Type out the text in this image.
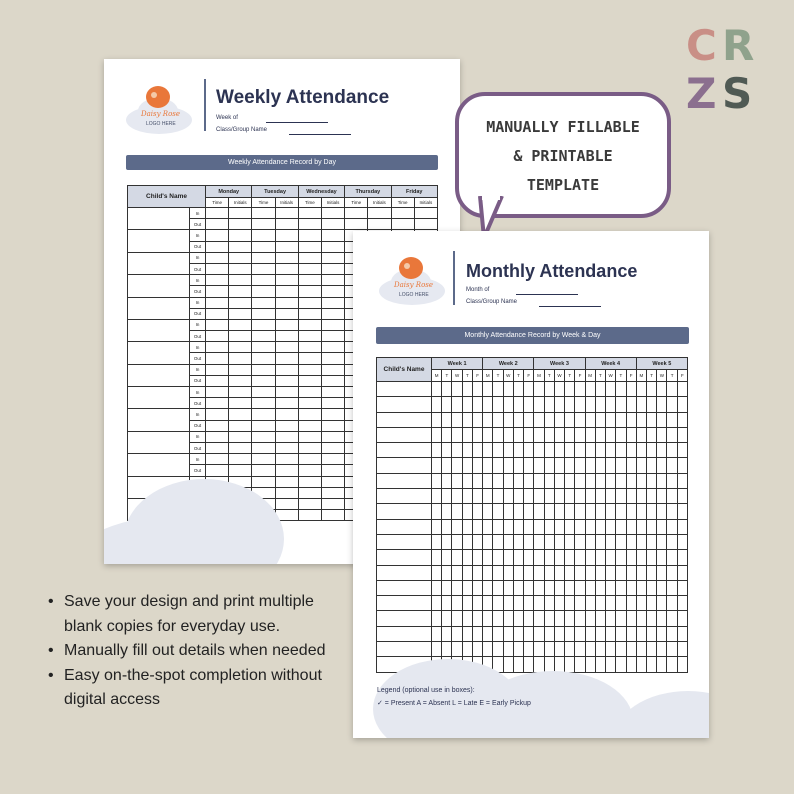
CR
ZS
Daisy Rose
LOGO HERE
Weekly Attendance
Week of
Class/Group Name
Weekly Attendance Record by Day
Child's Name		Monday		Tuesday		Wednesday		Thursday		Friday	
		Time	Initials	Time	Initials	Time	Initials	Time	Initials	Time	Initials
	In										
	Out										
	In										
	Out										
	In										
	Out										
	In										
	Out										
	In										
	Out										
	In										
	Out										
	In										
	Out										
	In										
	Out										
	In										
	Out										
	In										
	Out										
	In										
	Out										
	In										
	Out										

MANUALLY FILLABLE
& PRINTABLE
TEMPLATE
Daisy Rose
LOGO HERE
Monthly Attendance
Month of
Class/Group Name
Monthly Attendance Record by Week & Day
Child's Name	Week 1					Week 2					Week 3					Week 4					Week 5				
	M	T	W	T	F	M	T	W	T	F	M	T	W	T	F	M	T	W	T	F	M	T	W	T	F

Legend (optional use in boxes):
✓ = Present A = Absent L = Late E = Early Pickup
• Save your design and print multiple blank copies for everyday use.
• Manually fill out details when needed
• Easy on-the-spot completion without digital access
